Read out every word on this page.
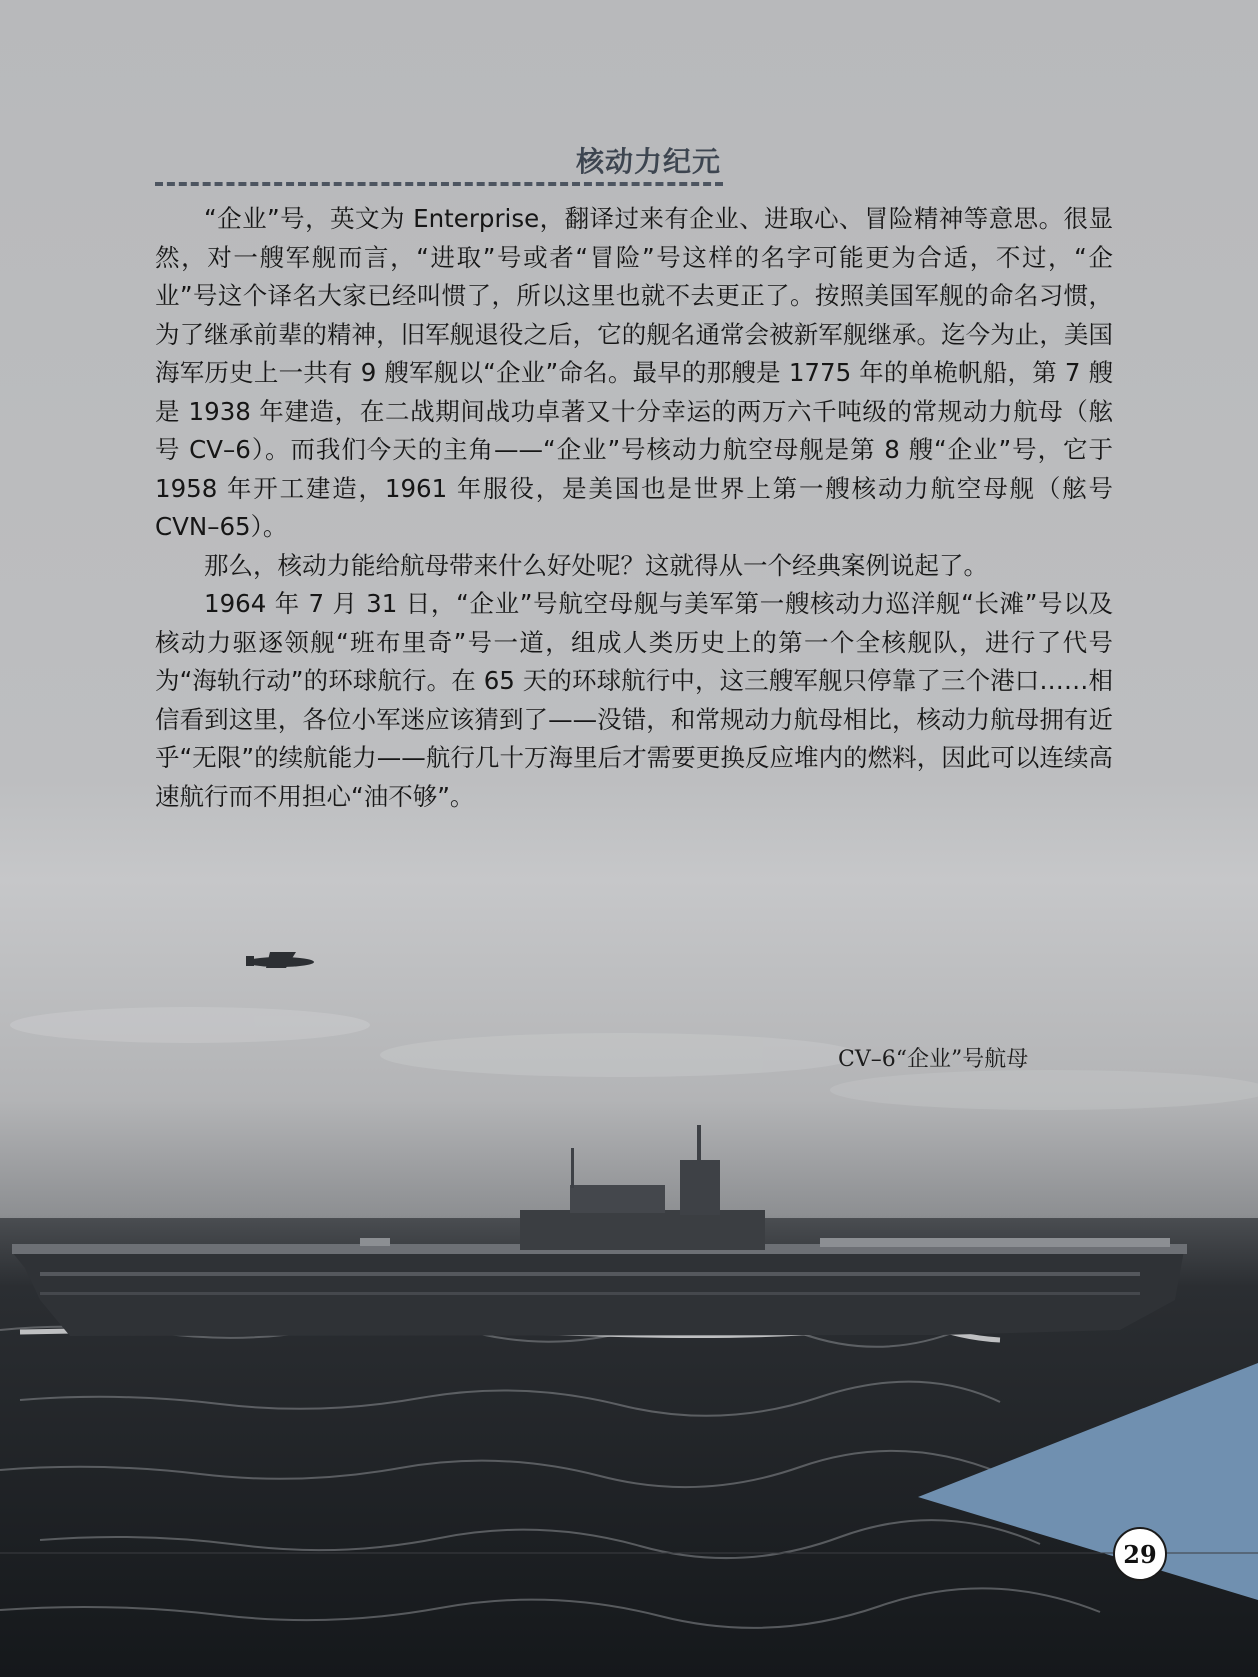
核动力纪元

“企业”号，英文为 Enterprise，翻译过来有企业、进取心、冒险精神等意思。很显然，对一艘军舰而言，“进取”号或者“冒险”号这样的名字可能更为合适，不过，“企业”号这个译名大家已经叫惯了，所以这里也就不去更正了。按照美国军舰的命名习惯，为了继承前辈的精神，旧军舰退役之后，它的舰名通常会被新军舰继承。迄今为止，美国海军历史上一共有 9 艘军舰以“企业”命名。最早的那艘是 1775 年的单桅帆船，第 7 艘是 1938 年建造，在二战期间战功卓著又十分幸运的两万六千吨级的常规动力航母（舷号 CV–6）。而我们今天的主角——“企业”号核动力航空母舰是第 8 艘“企业”号，它于 1958 年开工建造，1961 年服役，是美国也是世界上第一艘核动力航空母舰（舷号 CVN–65）。

那么，核动力能给航母带来什么好处呢？这就得从一个经典案例说起了。

1964 年 7 月 31 日，“企业”号航空母舰与美军第一艘核动力巡洋舰“长滩”号以及核动力驱逐领舰“班布里奇”号一道，组成人类历史上的第一个全核舰队，进行了代号为“海轨行动”的环球航行。在 65 天的环球航行中，这三艘军舰只停靠了三个港口……相信看到这里，各位小军迷应该猜到了——没错，和常规动力航母相比，核动力航母拥有近乎“无限”的续航能力——航行几十万海里后才需要更换反应堆内的燃料，因此可以连续高速航行而不用担心“油不够”。

CV–6“企业”号航母
29
